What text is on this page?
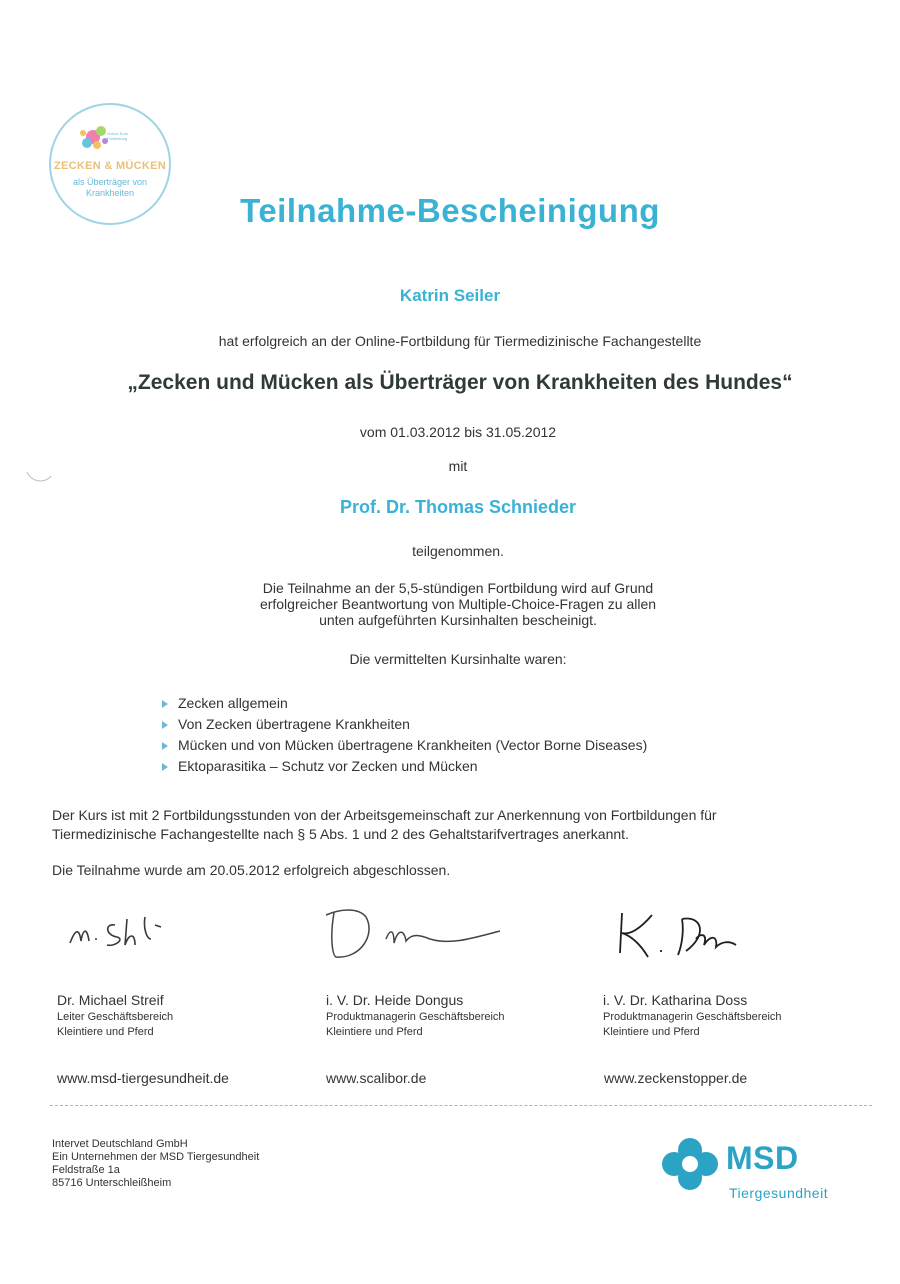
Online Kurs Fortbildung
ZECKEN & MÜCKEN
als Überträger von
Krankheiten	Teilnahme-Bescheinigung
Katrin Seiler
hat erfolgreich an der Online-Fortbildung für Tiermedizinische Fachangestellte
„Zecken und Mücken als Überträger von Krankheiten des Hundes“
vom 01.03.2012 bis 31.05.2012
mit
Prof. Dr. Thomas Schnieder
teilgenommen.
Die Teilnahme an der 5,5-stündigen Fortbildung wird auf Grund
erfolgreicher Beantwortung von Multiple-Choice-Fragen zu allen
unten aufgeführten Kursinhalten bescheinigt.
Die vermittelten Kursinhalte waren:
Zecken allgemein
Von Zecken übertragene Krankheiten
Mücken und von Mücken übertragene Krankheiten (Vector Borne Diseases)
Ektoparasitika – Schutz vor Zecken und Mücken
Der Kurs ist mit 2 Fortbildungsstunden von der Arbeitsgemeinschaft zur Anerkennung von Fortbildungen für
Tiermedizinische Fachangestellte nach § 5 Abs. 1 und 2 des Gehaltstarifvertrages anerkannt.
Die Teilnahme wurde am 20.05.2012 erfolgreich abgeschlossen.
Dr. Michael Streif
Leiter Geschäftsbereich
Kleintiere und Pferd
i. V. Dr. Heide Dongus
Produktmanagerin Geschäftsbereich
Kleintiere und Pferd
i. V. Dr. Katharina Doss
Produktmanagerin Geschäftsbereich
Kleintiere und Pferd
www.msd-tiergesundheit.de	www.scalibor.de	www.zeckenstopper.de
Intervet Deutschland GmbH
Ein Unternehmen der MSD Tiergesundheit
Feldstraße 1a
85716 Unterschleißheim
MSD
Tiergesundheit
